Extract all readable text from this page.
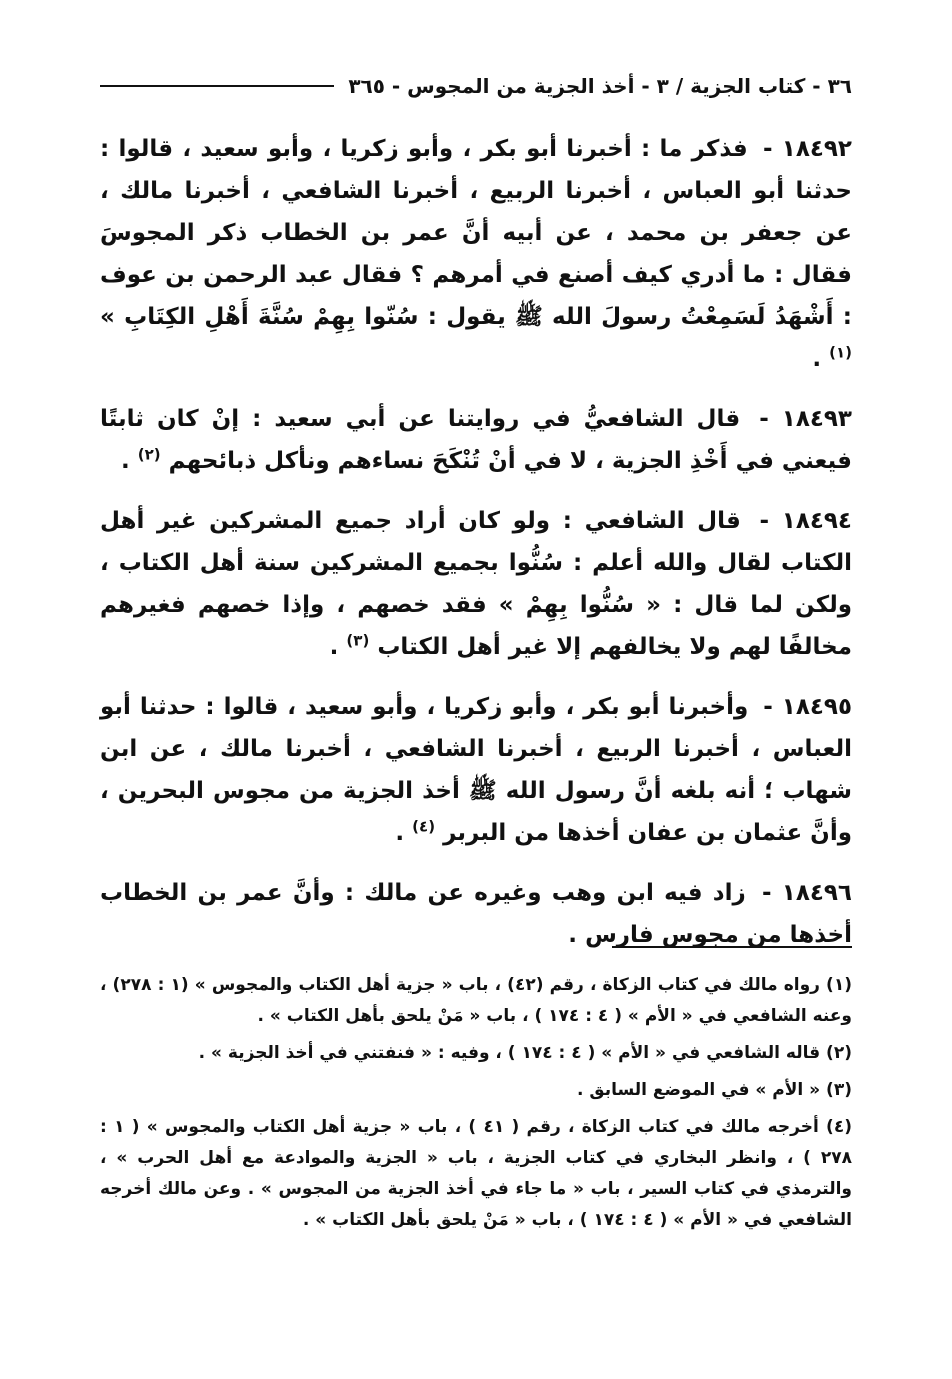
٣٦ - كتاب الجزية / ٣ - أخذ الجزية من المجوس - ٣٦٥

١٨٤٩٢ - فذكر ما : أخبرنا أبو بكر ، وأبو زكريا ، وأبو سعيد ، قالوا : حدثنا أبو العباس ، أخبرنا الربيع ، أخبرنا الشافعي ، أخبرنا مالك ، عن جعفر بن محمد ، عن أبيه أنَّ عمر بن الخطاب ذكر المجوسَ فقال : ما أدري كيف أصنع في أمرهم ؟ فقال عبد الرحمن بن عوف : أَشْهَدُ لَسَمِعْتُ رسولَ الله ﷺ يقول : سُنّوا بِهِمْ سُنَّةَ أَهْلِ الكِتَابِ » $^{(١)}$ .

١٨٤٩٣ - قال الشافعيُّ في روايتنا عن أبي سعيد : إنْ كان ثابتًا فيعني في أَخْذِ الجزية ، لا في أنْ تُنْكَحَ نساءهم ونأكل ذبائحهم $^{(٢)}$ .

١٨٤٩٤ - قال الشافعي : ولو كان أراد جميع المشركين غير أهل الكتاب لقال والله أعلم : سُنُّوا بجميع المشركين سنة أهل الكتاب ، ولكن لما قال : « سُنُّوا بِهِمْ » فقد خصهم ، وإذا خصهم فغيرهم مخالفًا لهم ولا يخالفهم إلا غير أهل الكتاب $^{(٣)}$ .

١٨٤٩٥ - وأخبرنا أبو بكر ، وأبو زكريا ، وأبو سعيد ، قالوا : حدثنا أبو العباس ، أخبرنا الربيع ، أخبرنا الشافعي ، أخبرنا مالك ، عن ابن شهاب ؛ أنه بلغه أنَّ رسول الله ﷺ أخذ الجزية من مجوس البحرين ، وأنَّ عثمان بن عفان أخذها من البربر $^{(٤)}$ .

١٨٤٩٦ - زاد فيه ابن وهب وغيره عن مالك : وأنَّ عمر بن الخطاب أخذها من مجوس فارس .

(١) رواه مالك في كتاب الزكاة ، رقم (٤٢) ، باب « جزية أهل الكتاب والمجوس » (١ : ٢٧٨) ، وعنه الشافعي في « الأم » ( ٤ : ١٧٤ ) ، باب « مَنْ يلحق بأهل الكتاب » .

(٢) قاله الشافعي في « الأم » ( ٤ : ١٧٤ ) ، وفيه : « فنفتني في أخذ الجزية » .

(٣) « الأم » في الموضع السابق .

(٤) أخرجه مالك في كتاب الزكاة ، رقم ( ٤١ ) ، باب « جزية أهل الكتاب والمجوس » ( ١ : ٢٧٨ ) ، وانظر البخاري في كتاب الجزية ، باب « الجزية والموادعة مع أهل الحرب » ، والترمذي في كتاب السير ، باب « ما جاء في أخذ الجزية من المجوس » . وعن مالك أخرجه الشافعي في « الأم » ( ٤ : ١٧٤ ) ، باب « مَنْ يلحق بأهل الكتاب » .
